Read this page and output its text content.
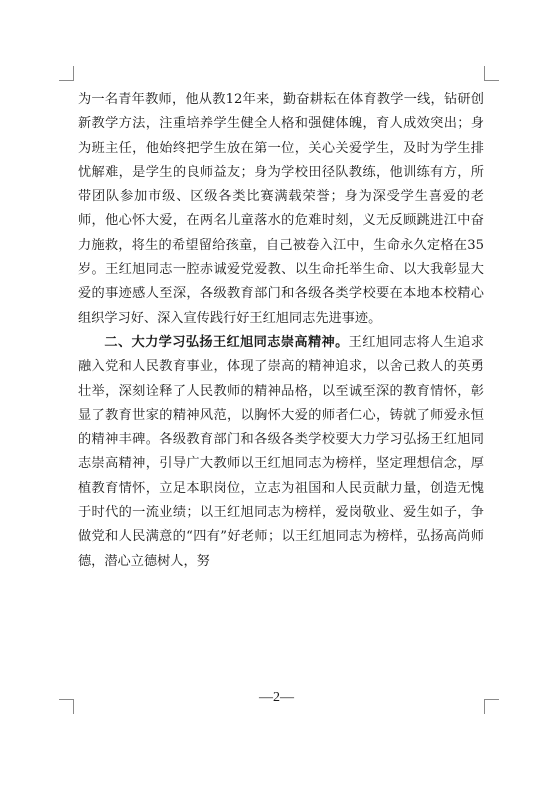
为一名青年教师，他从教12年来，勤奋耕耘在体育教学一线，钻研创新教学方法，注重培养学生健全人格和强健体魄，育人成效突出；身为班主任，他始终把学生放在第一位，关心关爱学生，及时为学生排忧解难，是学生的良师益友；身为学校田径队教练，他训练有方，所带团队参加市级、区级各类比赛满载荣誉；身为深受学生喜爱的老师，他心怀大爱，在两名儿童落水的危难时刻，义无反顾跳进江中奋力施救，将生的希望留给孩童，自己被卷入江中，生命永久定格在35岁。王红旭同志一腔赤诚爱党爱教、以生命托举生命、以大我彰显大爱的事迹感人至深，各级教育部门和各级各类学校要在本地本校精心组织学习好、深入宣传践行好王红旭同志先进事迹。

二、大力学习弘扬王红旭同志崇高精神。王红旭同志将人生追求融入党和人民教育事业，体现了崇高的精神追求，以舍己救人的英勇壮举，深刻诠释了人民教师的精神品格，以至诚至深的教育情怀，彰显了教育世家的精神风范，以胸怀大爱的师者仁心，铸就了师爱永恒的精神丰碑。各级教育部门和各级各类学校要大力学习弘扬王红旭同志崇高精神，引导广大教师以王红旭同志为榜样，坚定理想信念，厚植教育情怀，立足本职岗位，立志为祖国和人民贡献力量，创造无愧于时代的一流业绩；以王红旭同志为榜样，爱岗敬业、爱生如子，争做党和人民满意的“四有”好老师；以王红旭同志为榜样，弘扬高尚师德，潜心立德树人，努

—2—
